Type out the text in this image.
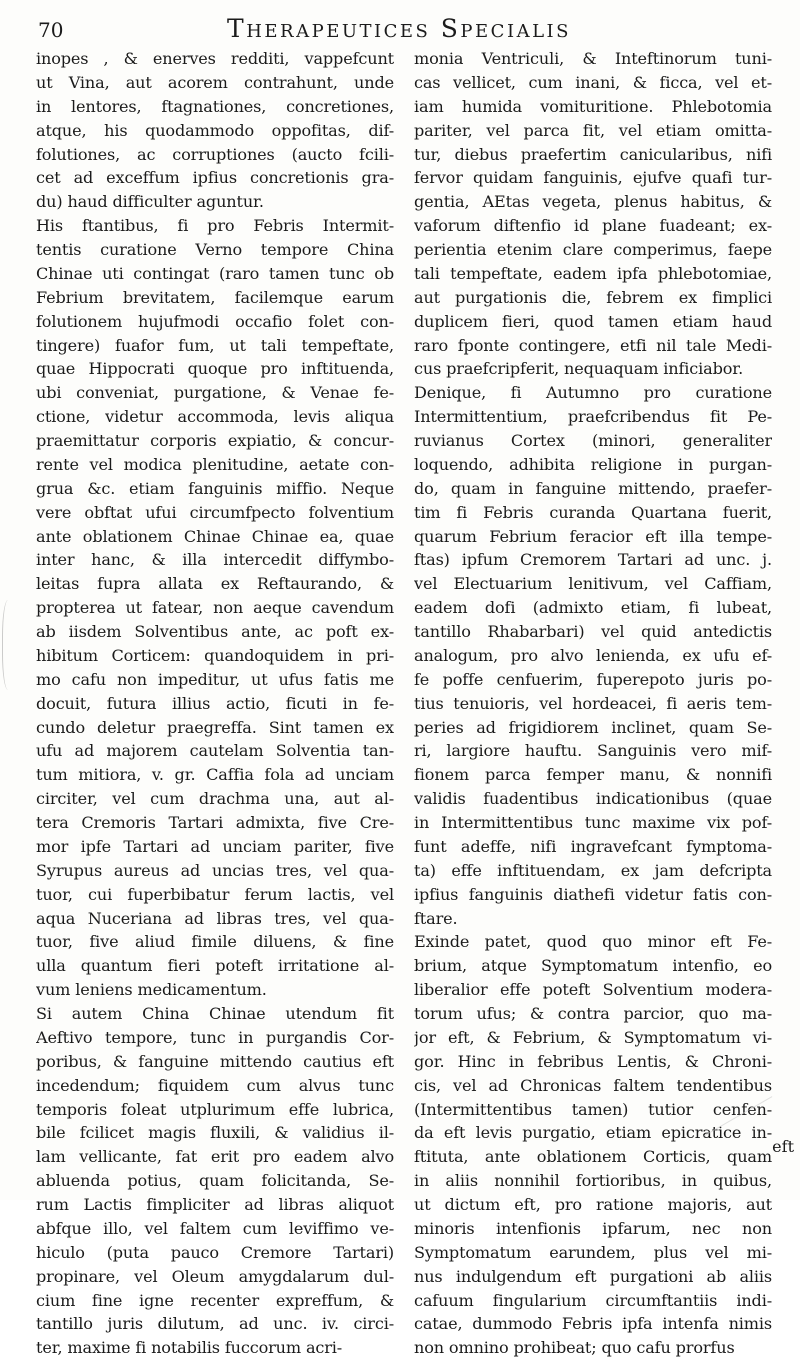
70	Therapeutices Specialis
inopes , & enerves redditi, vappefcunt
ut Vina, aut acorem contrahunt, unde
in lentores, ftagnationes, concretiones,
atque, his quodammodo oppofitas, dif-
folutiones, ac corruptiones (aucto fcili-
cet ad exceffum ipfius concretionis gra-
du) haud difficulter aguntur.
His ftantibus, fi pro Febris Intermit-
tentis curatione Verno tempore China
Chinae uti contingat (raro tamen tunc ob
Febrium brevitatem, facilemque earum
folutionem hujufmodi occafio folet con-
tingere) fuafor fum, ut tali tempeftate,
quae Hippocrati quoque pro inftituenda,
ubi conveniat, purgatione, & Venae fe-
ctione, videtur accommoda, levis aliqua
praemittatur corporis expiatio, & concur-
rente vel modica plenitudine, aetate con-
grua &c. etiam fanguinis miffio. Neque
vere obftat ufui circumfpecto folventium
ante oblationem Chinae Chinae ea, quae
inter hanc, & illa intercedit diffymbo-
leitas fupra allata ex Reftaurando, &
propterea ut fatear, non aeque cavendum
ab iisdem Solventibus ante, ac poft ex-
hibitum Corticem: quandoquidem in pri-
mo cafu non impeditur, ut ufus fatis me
docuit, futura illius actio, ficuti in fe-
cundo deletur praegreffa. Sint tamen ex
ufu ad majorem cautelam Solventia tan-
tum mitiora, v. gr. Caffia fola ad unciam
circiter, vel cum drachma una, aut al-
tera Cremoris Tartari admixta, five Cre-
mor ipfe Tartari ad unciam pariter, five
Syrupus aureus ad uncias tres, vel qua-
tuor, cui fuperbibatur ferum lactis, vel
aqua Nuceriana ad libras tres, vel qua-
tuor, five aliud fimile diluens, & fine
ulla quantum fieri poteft irritatione al-
vum leniens medicamentum.
Si autem China Chinae utendum fit
Aeftivo tempore, tunc in purgandis Cor-
poribus, & fanguine mittendo cautius eft
incedendum; fiquidem cum alvus tunc
temporis foleat utplurimum effe lubrica,
bile fcilicet magis fluxili, & validius il-
lam vellicante, fat erit pro eadem alvo
abluenda potius, quam folicitanda, Se-
rum Lactis fimpliciter ad libras aliquot
abfque illo, vel faltem cum leviffimo ve-
hiculo (puta pauco Cremore Tartari)
propinare, vel Oleum amygdalarum dul-
cium fine igne recenter expreffum, &
tantillo juris dilutum, ad unc. iv. circi-
ter, maxime fi notabilis fuccorum acri-
monia Ventriculi, & Inteftinorum tuni-
cas vellicet, cum inani, & ficca, vel et-
iam humida vomituritione. Phlebotomia
pariter, vel parca fit, vel etiam omitta-
tur, diebus praefertim canicularibus, nifi
fervor quidam fanguinis, ejufve quafi tur-
gentia, AEtas vegeta, plenus habitus, &
vaforum diftenfio id plane fuadeant; ex-
perientia etenim clare comperimus, faepe
tali tempeftate, eadem ipfa phlebotomiae,
aut purgationis die, febrem ex fimplici
duplicem fieri, quod tamen etiam haud
raro fponte contingere, etfi nil tale Medi-
cus praefcripferit, nequaquam inficiabor.
Denique, fi Autumno pro curatione
Intermittentium, praefcribendus fit Pe-
ruvianus Cortex (minori, generaliter
loquendo, adhibita religione in purgan-
do, quam in fanguine mittendo, praefer-
tim fi Febris curanda Quartana fuerit,
quarum Febrium feracior eft illa tempe-
ftas) ipfum Cremorem Tartari ad unc. j.
vel Electuarium lenitivum, vel Caffiam,
eadem dofi (admixto etiam, fi lubeat,
tantillo Rhabarbari) vel quid antedictis
analogum, pro alvo lenienda, ex ufu ef-
fe poffe cenfuerim, fuperepoto juris po-
tius tenuioris, vel hordeacei, fi aeris tem-
peries ad frigidiorem inclinet, quam Se-
ri, largiore hauftu. Sanguinis vero mif-
fionem parca femper manu, & nonnifi
validis fuadentibus indicationibus (quae
in Intermittentibus tunc maxime vix pof-
funt adeffe, nifi ingravefcant fymptoma-
ta) effe inftituendam, ex jam defcripta
ipfius fanguinis diathefi videtur fatis con-
ftare.
Exinde patet, quod quo minor eft Fe-
brium, atque Symptomatum intenfio, eo
liberalior effe poteft Solventium modera-
torum ufus; & contra parcior, quo ma-
jor eft, & Febrium, & Symptomatum vi-
gor. Hinc in febribus Lentis, & Chroni-
cis, vel ad Chronicas faltem tendentibus
(Intermittentibus tamen) tutior cenfen-
da eft levis purgatio, etiam epicratice in-
ftituta, ante oblationem Corticis, quam
in aliis nonnihil fortioribus, in quibus,
ut dictum eft, pro ratione majoris, aut
minoris intenfionis ipfarum, nec non
Symptomatum earundem, plus vel mi-
nus indulgendum eft purgationi ab aliis
cafuum fingularium circumftantiis indi-
catae, dummodo Febris ipfa intenfa nimis
non omnino prohibeat; quo cafu prorfus
eft
